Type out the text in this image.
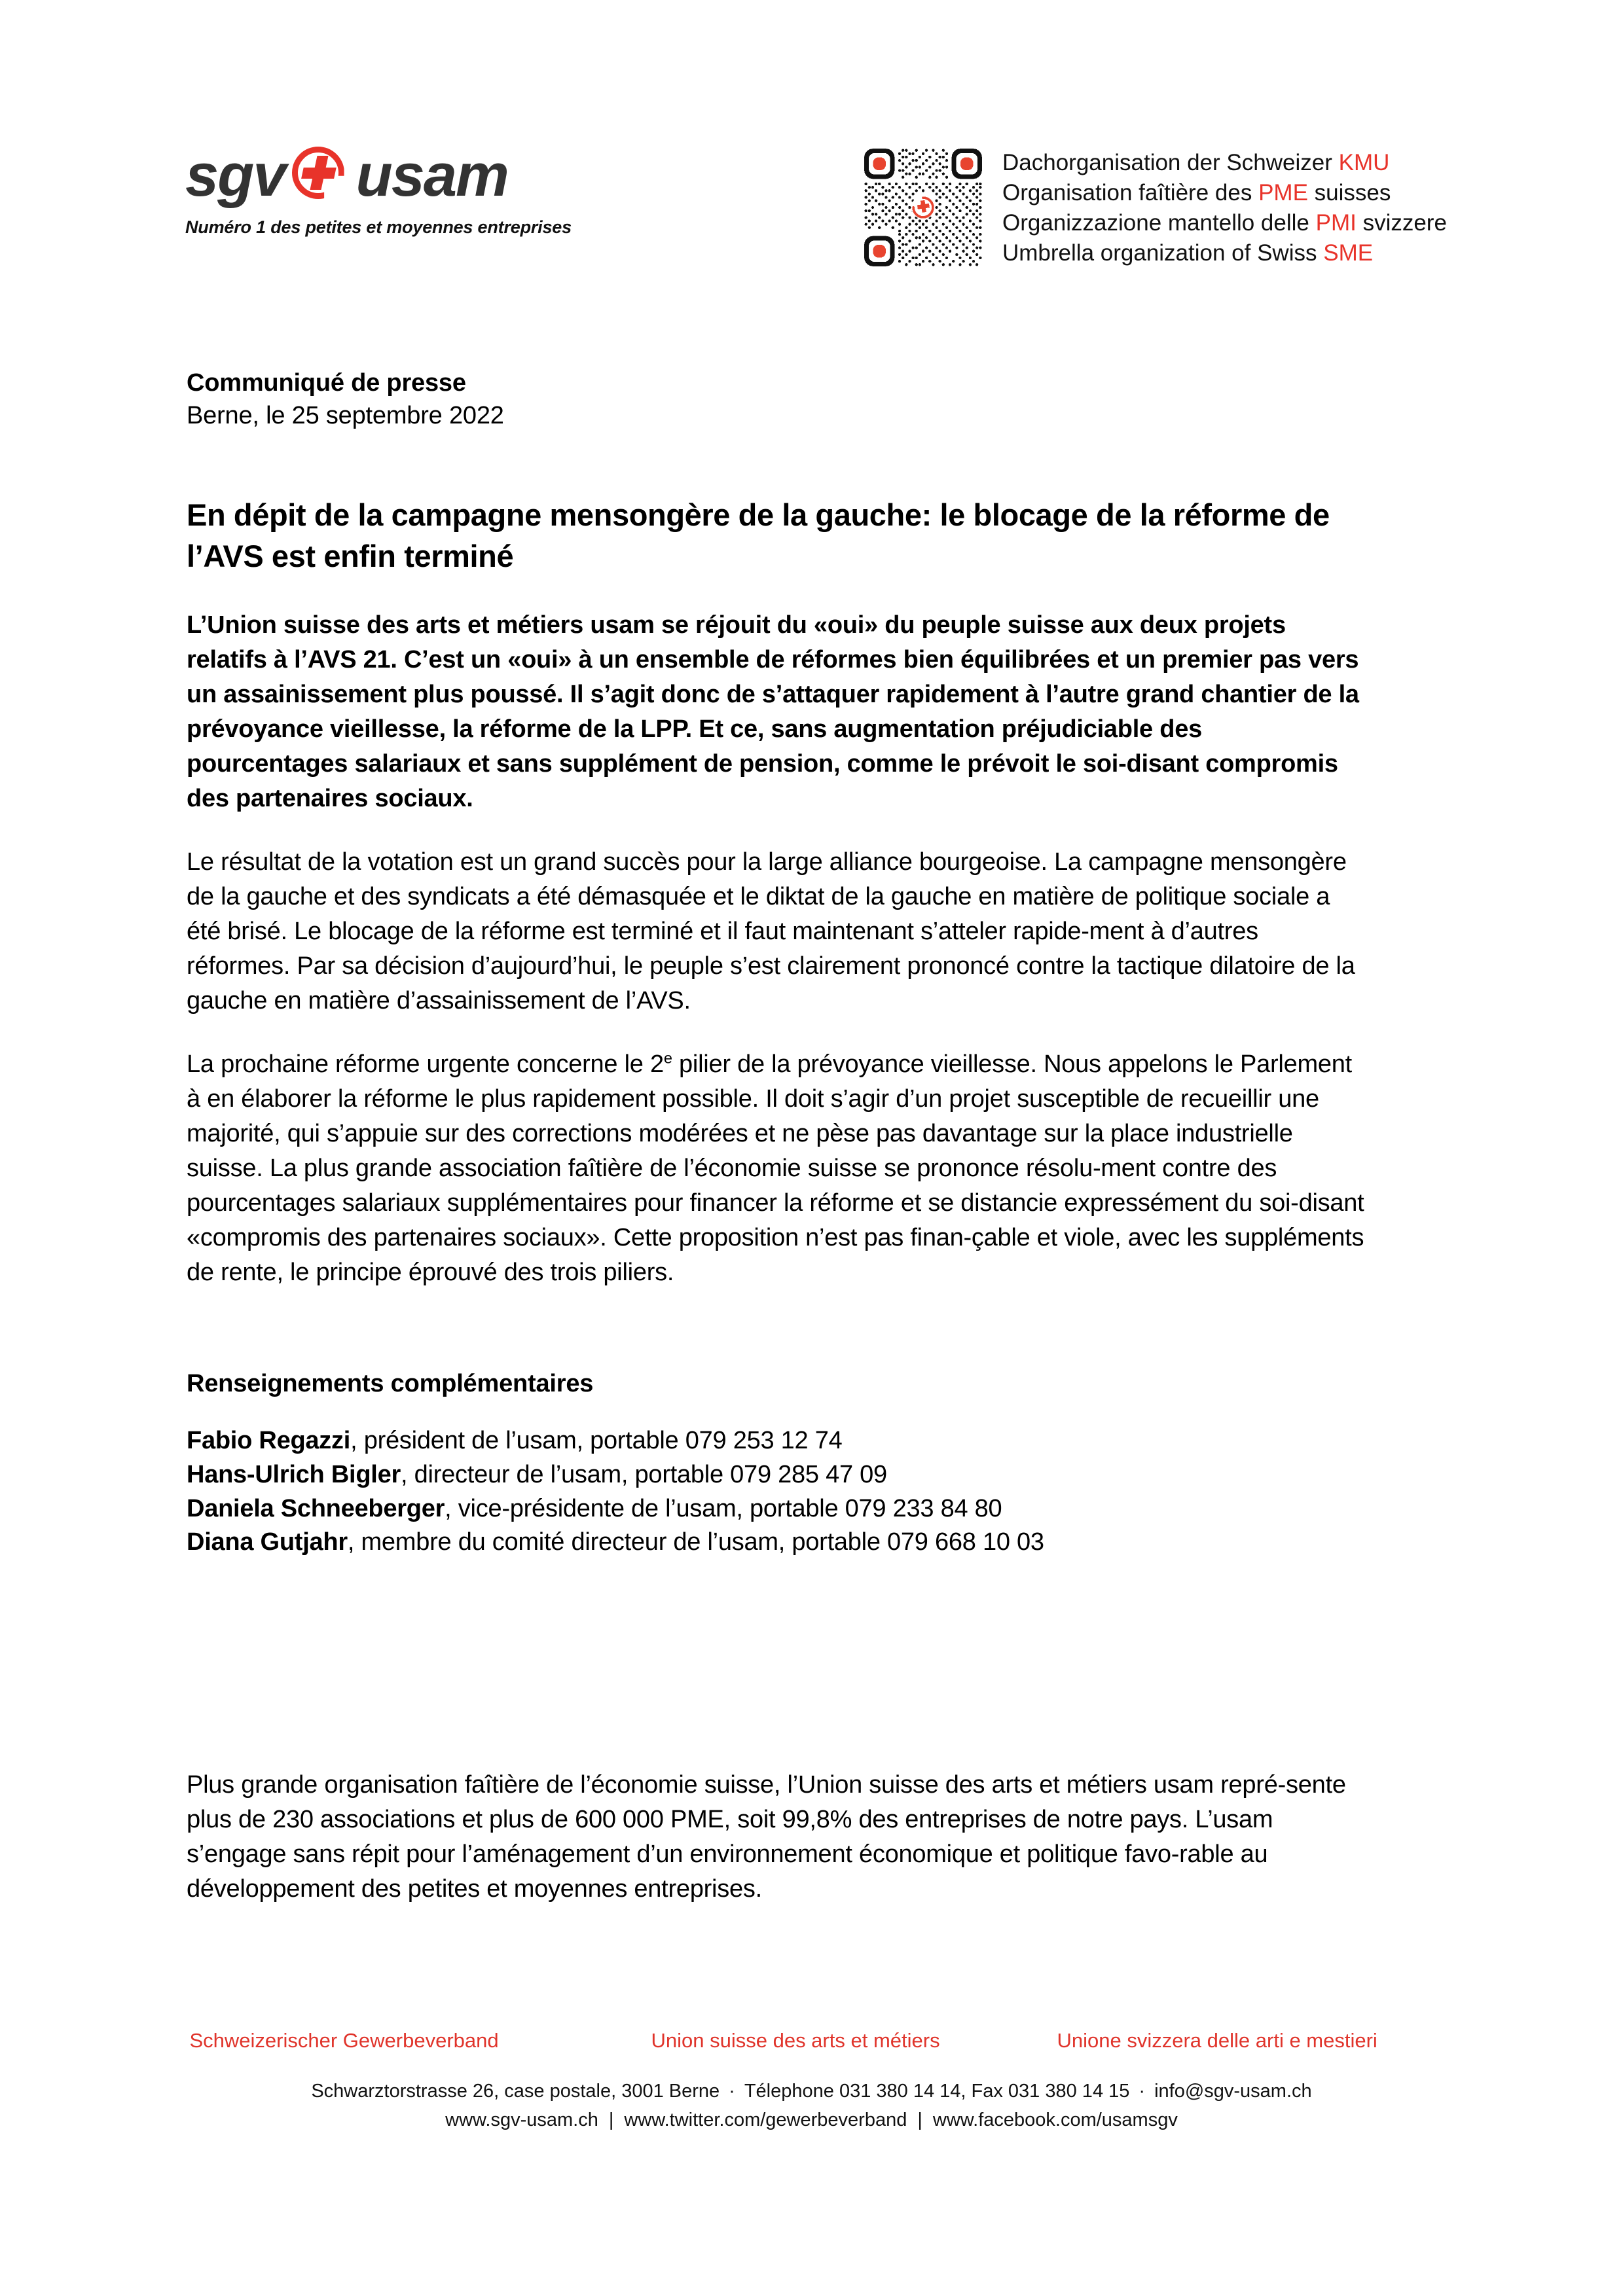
sgv usam
Numéro 1 des petites et moyennes entreprises
Dachorganisation der Schweizer KMU
Organisation faîtière des PME suisses
Organizzazione mantello delle PMI svizzere
Umbrella organization of Swiss SME
Communiqué de presse
Berne, le 25 septembre 2022
En dépit de la campagne mensongère de la gauche: le blocage de la réforme de l’AVS est enfin terminé
L’Union suisse des arts et métiers usam se réjouit du «oui» du peuple suisse aux deux projets relatifs à l’AVS 21. C’est un «oui» à un ensemble de réformes bien équilibrées et un premier pas vers un assainissement plus poussé. Il s’agit donc de s’attaquer rapidement à l’autre grand chantier de la prévoyance vieillesse, la réforme de la LPP. Et ce, sans augmentation préjudiciable des pourcentages salariaux et sans supplément de pension, comme le prévoit le soi-disant compromis des partenaires sociaux.

Le résultat de la votation est un grand succès pour la large alliance bourgeoise. La campagne mensongère de la gauche et des syndicats a été démasquée et le diktat de la gauche en matière de politique sociale a été brisé. Le blocage de la réforme est terminé et il faut maintenant s’atteler rapide-ment à d’autres réformes. Par sa décision d’aujourd’hui, le peuple s’est clairement prononcé contre la tactique dilatoire de la gauche en matière d’assainissement de l’AVS.

La prochaine réforme urgente concerne le 2e pilier de la prévoyance vieillesse. Nous appelons le Parlement à en élaborer la réforme le plus rapidement possible. Il doit s’agir d’un projet susceptible de recueillir une majorité, qui s’appuie sur des corrections modérées et ne pèse pas davantage sur la place industrielle suisse. La plus grande association faîtière de l’économie suisse se prononce résolu-ment contre des pourcentages salariaux supplémentaires pour financer la réforme et se distancie expressément du soi-disant «compromis des partenaires sociaux». Cette proposition n’est pas finan-çable et viole, avec les suppléments de rente, le principe éprouvé des trois piliers.

Renseignements complémentaires
Fabio Regazzi, président de l’usam, portable 079 253 12 74
Hans-Ulrich Bigler, directeur de l’usam, portable 079 285 47 09
Daniela Schneeberger, vice-présidente de l’usam, portable 079 233 84 80
Diana Gutjahr, membre du comité directeur de l’usam, portable 079 668 10 03
Plus grande organisation faîtière de l’économie suisse, l’Union suisse des arts et métiers usam repré-sente plus de 230 associations et plus de 600 000 PME, soit 99,8% des entreprises de notre pays. L’usam s’engage sans répit pour l’aménagement d’un environnement économique et politique favo-rable au développement des petites et moyennes entreprises.
Schweizerischer Gewerbeverband	Union suisse des arts et métiers	Unione svizzera delle arti e mestieri
Schwarztorstrasse 26, case postale, 3001 Berne · Télephone 031 380 14 14, Fax 031 380 14 15 · info@sgv-usam.ch
www.sgv-usam.ch | www.twitter.com/gewerbeverband | www.facebook.com/usamsgv
